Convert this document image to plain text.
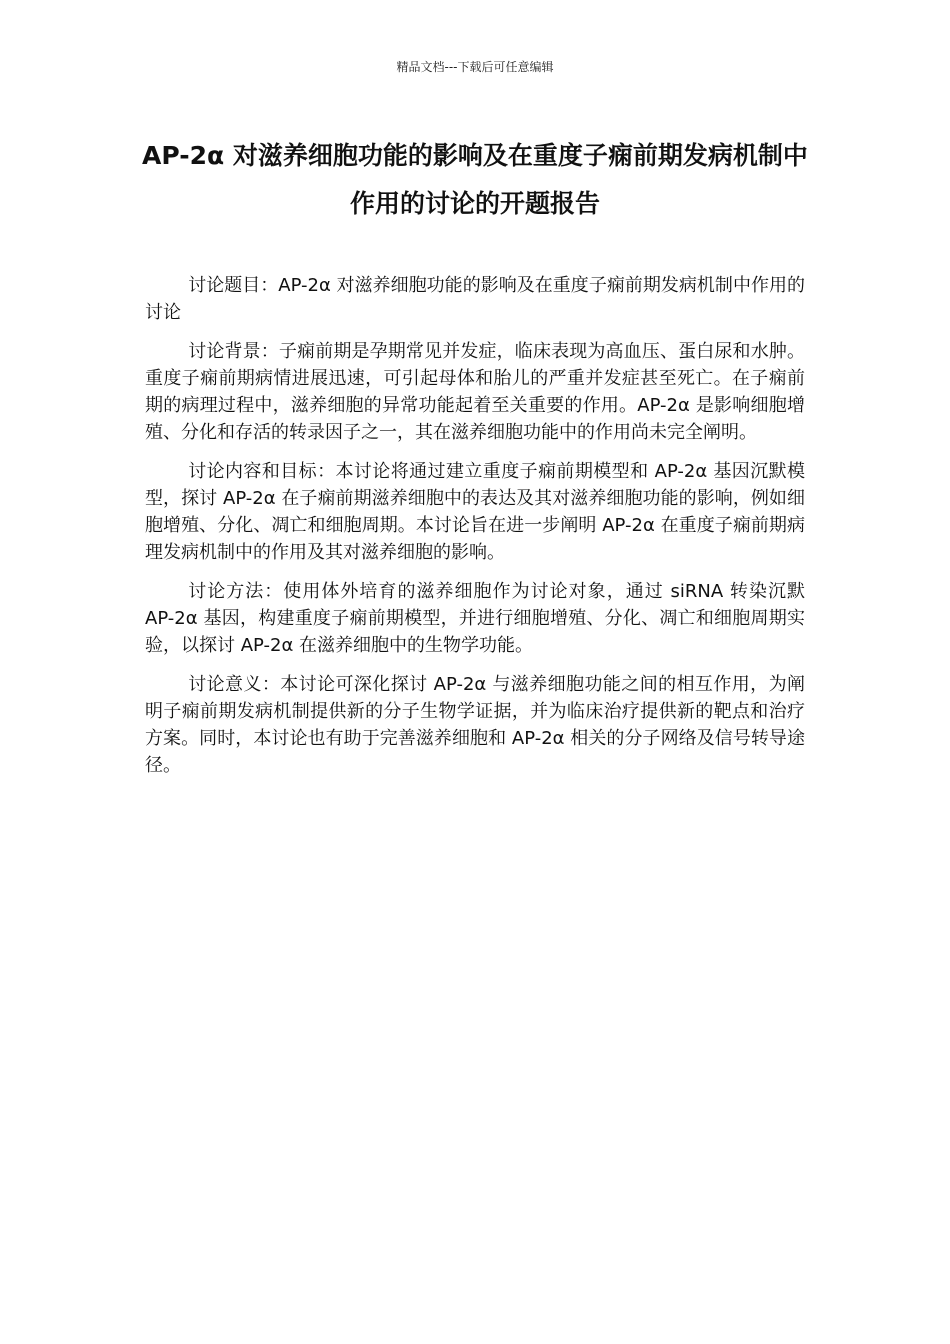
精品文档---下载后可任意编辑
AP-2α 对滋养细胞功能的影响及在重度子痫前期发病机制中作用的讨论的开题报告

讨论题目：AP-2α 对滋养细胞功能的影响及在重度子痫前期发病机制中作用的讨论

讨论背景：子痫前期是孕期常见并发症，临床表现为高血压、蛋白尿和水肿。重度子痫前期病情进展迅速，可引起母体和胎儿的严重并发症甚至死亡。在子痫前期的病理过程中，滋养细胞的异常功能起着至关重要的作用。AP-2α 是影响细胞增殖、分化和存活的转录因子之一，其在滋养细胞功能中的作用尚未完全阐明。

讨论内容和目标：本讨论将通过建立重度子痫前期模型和 AP-2α 基因沉默模型，探讨 AP-2α 在子痫前期滋养细胞中的表达及其对滋养细胞功能的影响，例如细胞增殖、分化、凋亡和细胞周期。本讨论旨在进一步阐明 AP-2α 在重度子痫前期病理发病机制中的作用及其对滋养细胞的影响。

讨论方法：使用体外培育的滋养细胞作为讨论对象，通过 siRNA 转染沉默 AP-2α 基因，构建重度子痫前期模型，并进行细胞增殖、分化、凋亡和细胞周期实验，以探讨 AP-2α 在滋养细胞中的生物学功能。

讨论意义：本讨论可深化探讨 AP-2α 与滋养细胞功能之间的相互作用，为阐明子痫前期发病机制提供新的分子生物学证据，并为临床治疗提供新的靶点和治疗方案。同时，本讨论也有助于完善滋养细胞和 AP-2α 相关的分子网络及信号转导途径。
